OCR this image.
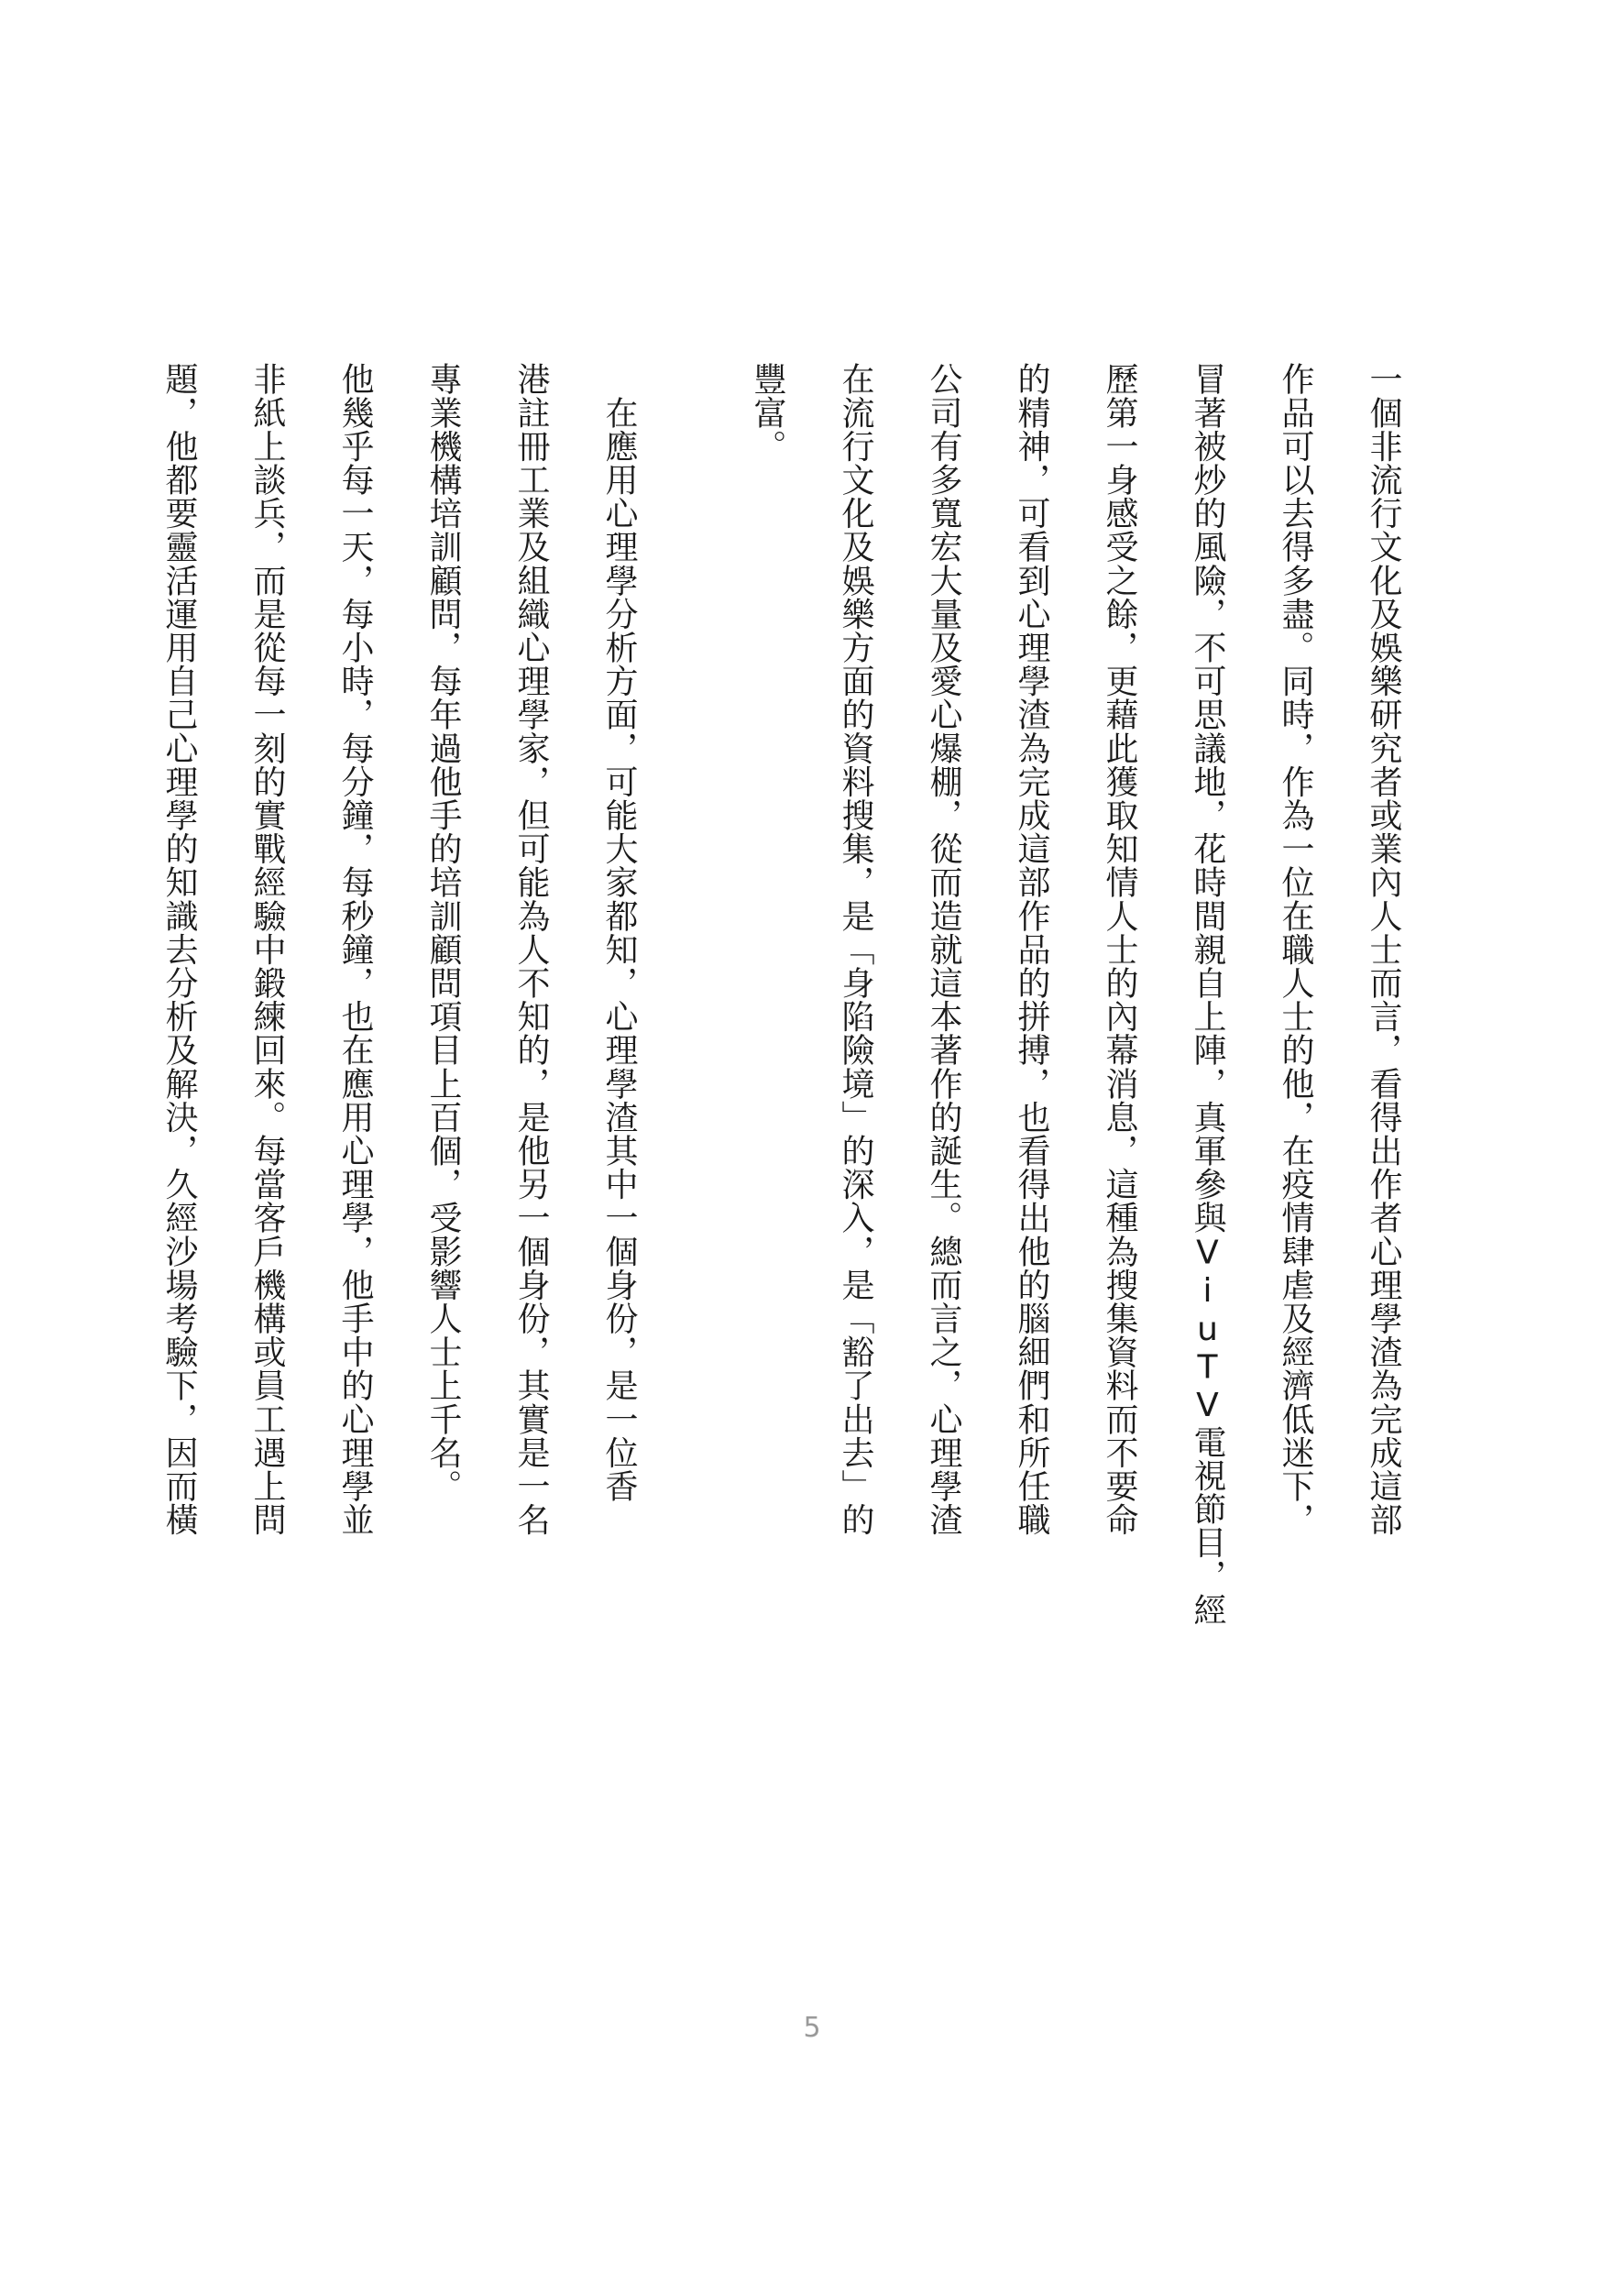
一個非流行文化及娛樂研究者或業內人士而言，看得出作者心理學渣為完成這部
作品可以去得多盡。同時，作為一位在職人士的他，在疫情肆虐及經濟低迷下，
冒著被炒的風險，不可思議地，花時間親自上陣，真軍參與ViuTV電視節目，經
歷第一身感受之餘，更藉此獲取知情人士的內幕消息，這種為搜集資料而不要命
的精神，可看到心理學渣為完成這部作品的拼搏，也看得出他的腦細們和所任職
公司有多寬宏大量及愛心爆棚，從而造就這本著作的誕生。總而言之，心理學渣
在流行文化及娛樂方面的資料搜集，是「身陷險境」的深入，是「豁了出去」的
豐富。
　在應用心理學分析方面，可能大家都知，心理學渣其中一個身份，是一位香
港註冊工業及組織心理學家，但可能為人不知的，是他另一個身份，其實是一名
專業機構培訓顧問，每年過他手的培訓顧問項目上百個，受影響人士上千名。
他幾乎每一天，每小時，每分鐘，每秒鐘，也在應用心理學，他手中的心理學並
非紙上談兵，而是從每一刻的實戰經驗中鍛練回來。每當客戶機構或員工遇上問
題，他都要靈活運用自己心理學的知識去分析及解決，久經沙場考驗下，因而橫
5
